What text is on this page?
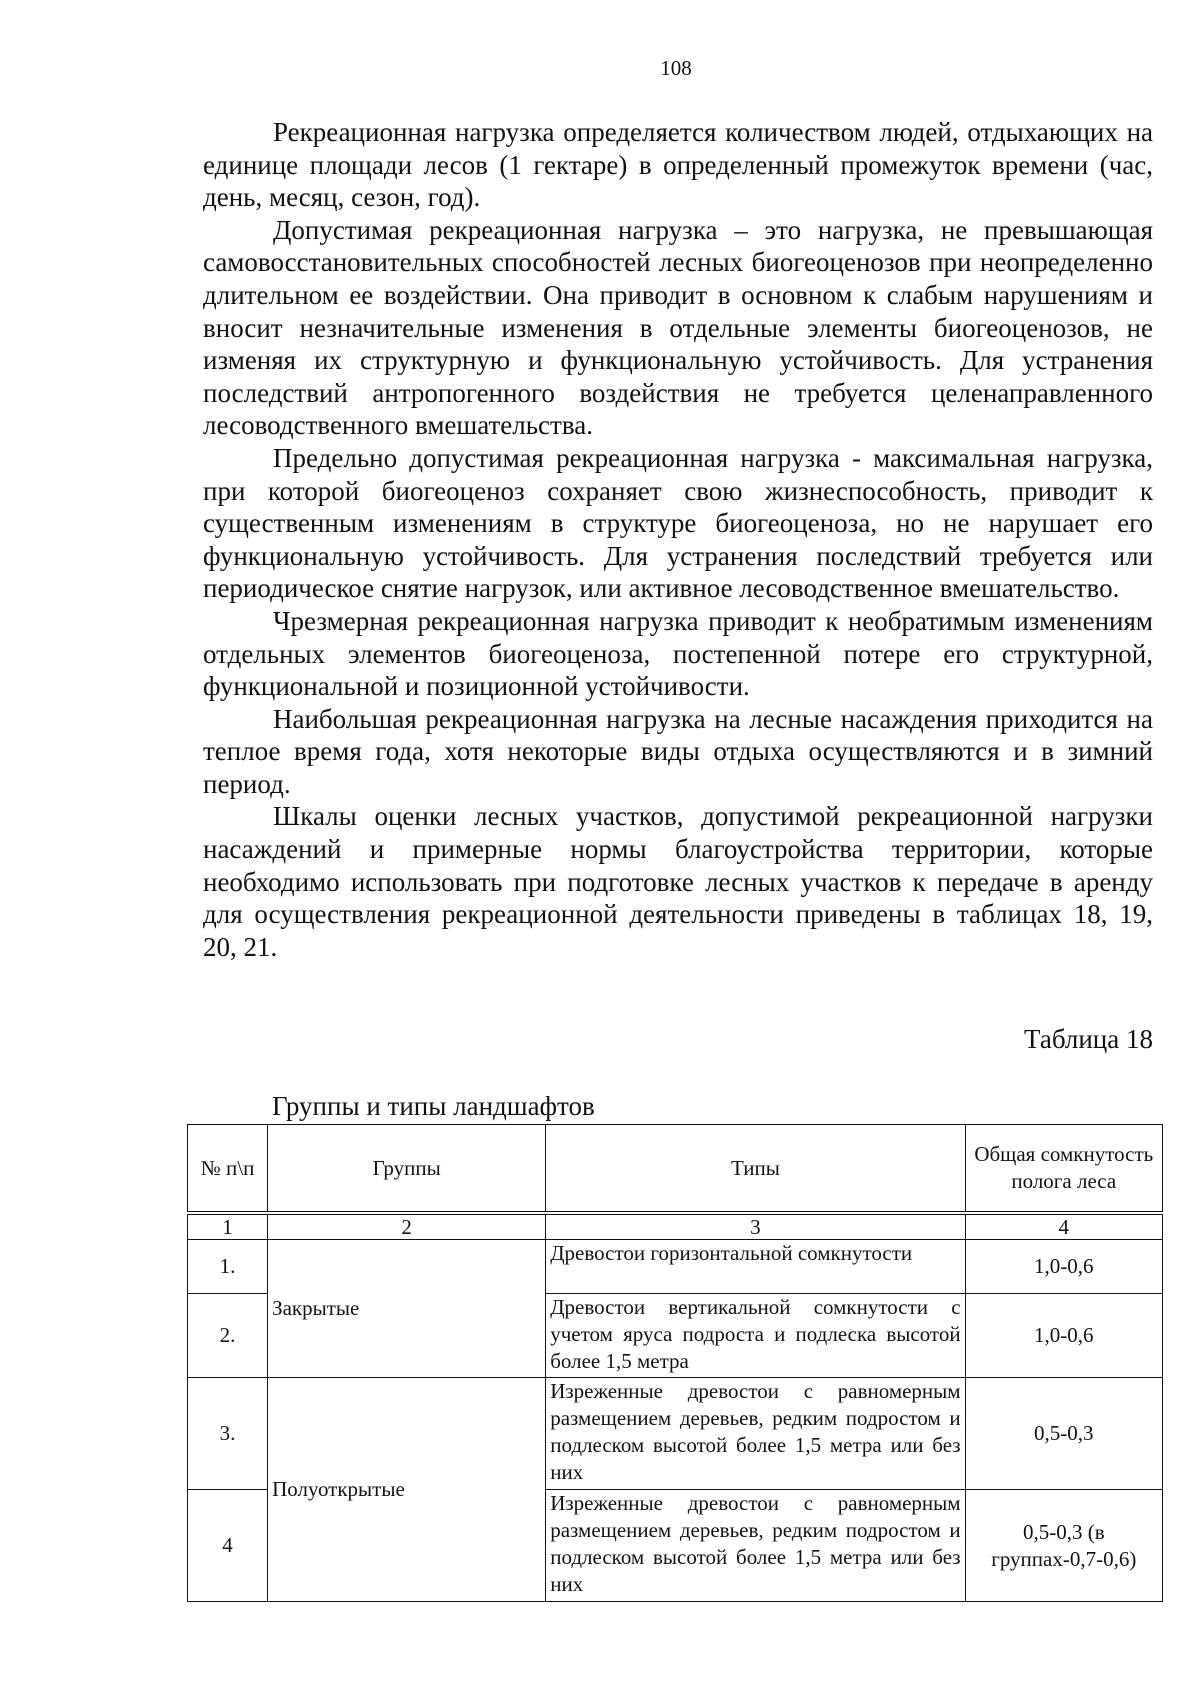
108

Рекреационная нагрузка определяется количеством людей, отдыхающих на единице площади лесов (1 гектаре) в определенный промежуток времени (час, день, месяц, сезон, год).

Допустимая рекреационная нагрузка – это нагрузка, не превышающая самовосстановительных способностей лесных биогеоценозов при неопределенно длительном ее воздействии. Она приводит в основном к слабым нарушениям и вносит незначительные изменения в отдельные элементы биогеоценозов, не изменяя их структурную и функциональную устойчивость. Для устранения последствий антропогенного воздействия не требуется целенаправленного лесоводственного вмешательства.

Предельно допустимая рекреационная нагрузка - максимальная нагрузка, при которой биогеоценоз сохраняет свою жизнеспособность, приводит к существенным изменениям в структуре биогеоценоза, но не нарушает его функциональную устойчивость. Для устранения последствий требуется или периодическое снятие нагрузок, или активное лесоводственное вмешательство.

Чрезмерная рекреационная нагрузка приводит к необратимым изменениям отдельных элементов биогеоценоза, постепенной потере его структурной, функциональной и позиционной устойчивости.

Наибольшая рекреационная нагрузка на лесные насаждения приходится на теплое время года, хотя некоторые виды отдыха осуществляются и в зимний период.

Шкалы оценки лесных участков, допустимой рекреационной нагрузки насаждений и примерные нормы благоустройства территории, которые необходимо использовать при подготовке лесных участков к передаче в аренду для осуществления рекреационной деятельности приведены в таблицах 18, 19, 20, 21.

Таблица 18
Группы и типы ландшафтов
№ п\п	Группы	Типы	Общая сомкнутость полога леса
1	2	3	4
1.	Закрытые	Древостои горизонтальной сомкнутости	1,0-0,6
2.		Древостои вертикальной сомкнутости с учетом яруса подроста и подлеска высотой более 1,5 метра	1,0-0,6
3.	Полуоткрытые	Изреженные древостои с равномерным размещением деревьев, редким подростом и подлеском высотой более 1,5 метра или без них	0,5-0,3
4		Изреженные древостои с равномерным размещением деревьев, редким подростом и подлеском высотой более 1,5 метра или без них	0,5-0,3 (в группах-0,7-0,6)
